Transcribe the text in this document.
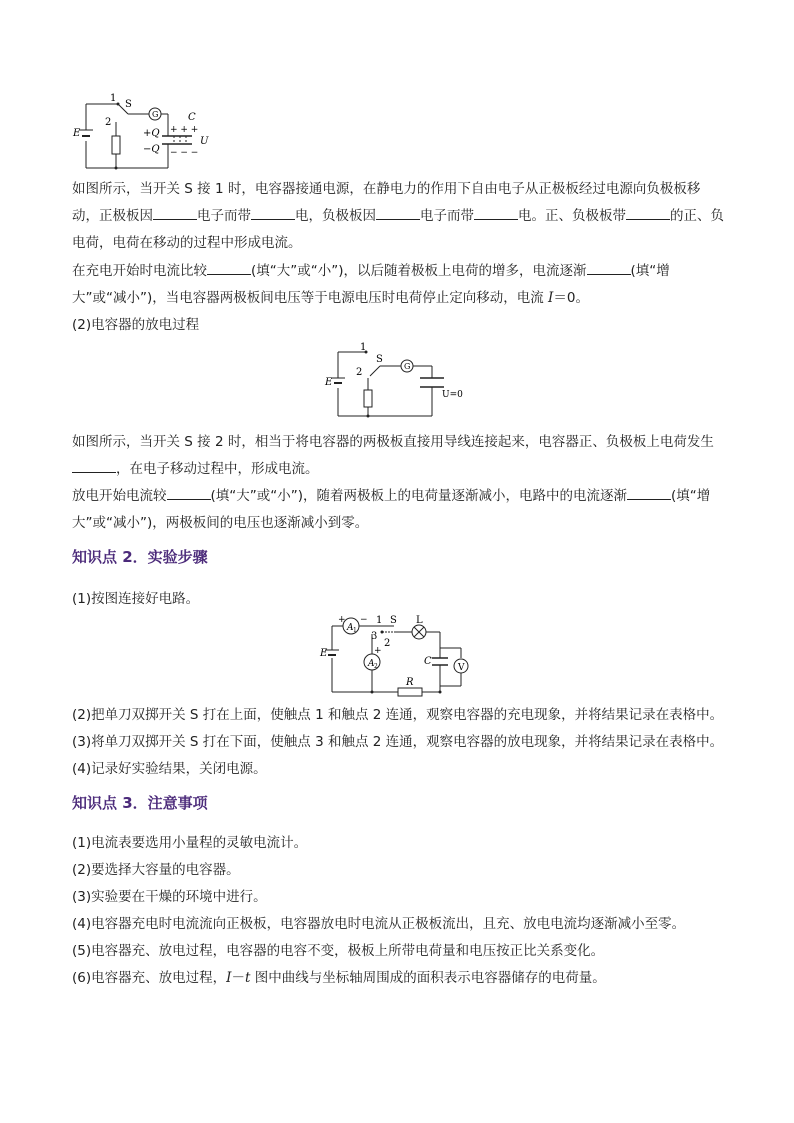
1
S
2
G	C
+ + +
+Q
−Q − − −
U
E

如图所示，当开关 S 接 1 时，电容器接通电源，在静电力的作用下自由电子从正极板经过电源向负极板移动，正极板因	电子而带	电，负极板因	电子而带	电。正、负极板带	的正、负电荷，电荷在移动的过程中形成电流。

在充电开始时电流比较	(填“大”或“小”)，以后随着极板上电荷的增多，电流逐渐	(填“增大”或“减小”)，当电容器两极板间电压等于电源电压时电荷停止定向移动，电流 I＝0。

(2)电容器的放电过程

1
S
2
G
U=0
E

如图所示，当开关 S 接 2 时，相当于将电容器的两极板直接用导线连接起来，电容器正、负极板上电荷发生，在电子移动过程中，形成电流。

放电开始电流较	(填“大”或“小”)，随着两极板上的电荷量逐渐减小，电路中的电流逐渐	(填“增大”或“减小”)，两极板间的电压也逐渐减小到零。

知识点 2．实验步骤

(1)按图连接好电路。

A 1
A 2
+ −
+
1
3
2
S L
C
V
R
E

(2)把单刀双掷开关 S 打在上面，使触点 1 和触点 2 连通，观察电容器的充电现象，并将结果记录在表格中。

(3)将单刀双掷开关 S 打在下面，使触点 3 和触点 2 连通，观察电容器的放电现象，并将结果记录在表格中。

(4)记录好实验结果，关闭电源。

知识点 3．注意事项

(1)电流表要选用小量程的灵敏电流计。

(2)要选择大容量的电容器。

(3)实验要在干燥的环境中进行。

(4)电容器充电时电流流向正极板，电容器放电时电流从正极板流出，且充、放电电流均逐渐减小至零。

(5)电容器充、放电过程，电容器的电容不变，极板上所带电荷量和电压按正比关系变化。

(6)电容器充、放电过程，I－t 图中曲线与坐标轴周围成的面积表示电容器储存的电荷量。
